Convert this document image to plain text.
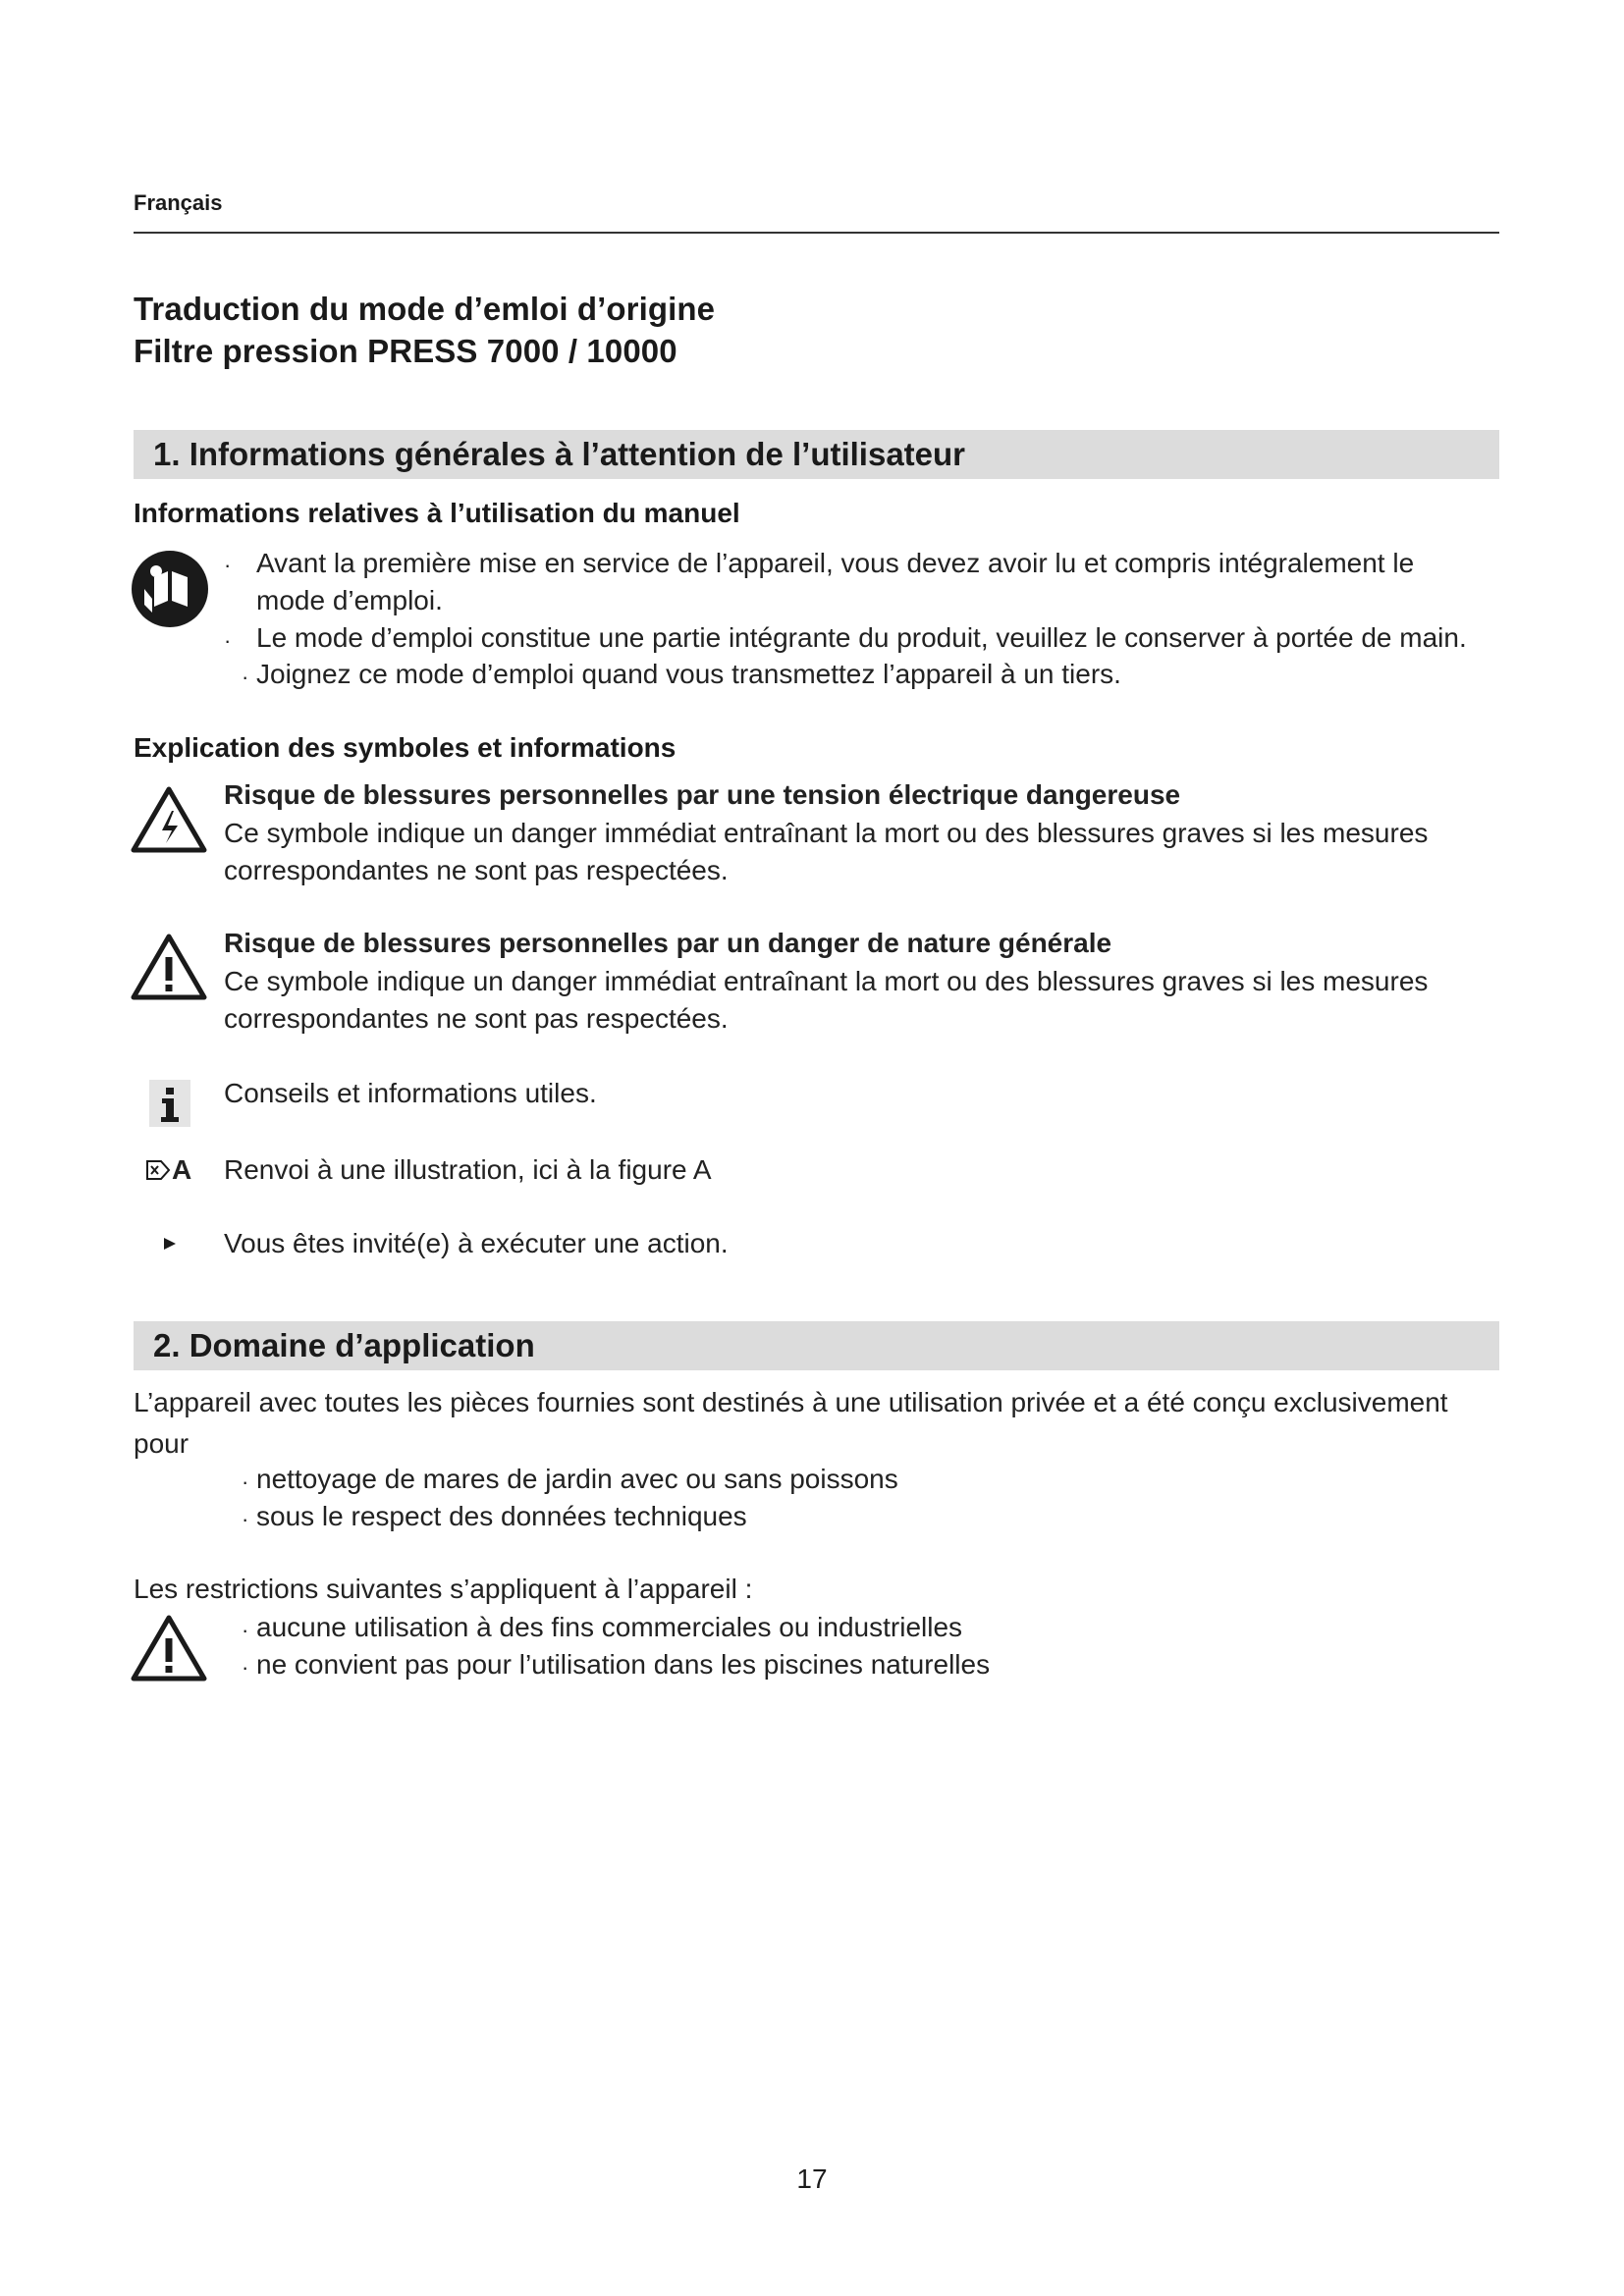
Français
Traduction du mode d’emloi d’origine
Filtre pression PRESS 7000 / 10000
1. Informations générales à l’attention de l’utilisateur
Informations relatives à l’utilisation du manuel
· Avant la première mise en service de l’appareil, vous devez avoir lu et compris intégralement le
mode d’emploi.
· Le mode d’emploi constitue une partie intégrante du produit, veuillez le conserver à portée de main.
· Joignez ce mode d’emploi quand vous transmettez l’appareil à un tiers.
Explication des symboles et informations
Risque de blessures personnelles par une tension électrique dangereuse
Ce symbole indique un danger immédiat entraînant la mort ou des blessures graves si les mesures
correspondantes ne sont pas respectées.
Risque de blessures personnelles par un danger de nature générale
Ce symbole indique un danger immédiat entraînant la mort ou des blessures graves si les mesures
correspondantes ne sont pas respectées.
Conseils et informations utiles.
A Renvoi à une illustration, ici à la figure A
Vous êtes invité(e) à exécuter une action.
2. Domaine d’application
L’appareil avec toutes les pièces fournies sont destinés à une utilisation privée et a été conçu exclusivement
pour
· nettoyage de mares de jardin avec ou sans poissons
· sous le respect des données techniques
Les restrictions suivantes s’appliquent à l’appareil :
· aucune utilisation à des fins commerciales ou industrielles
· ne convient pas pour l’utilisation dans les piscines naturelles
17
